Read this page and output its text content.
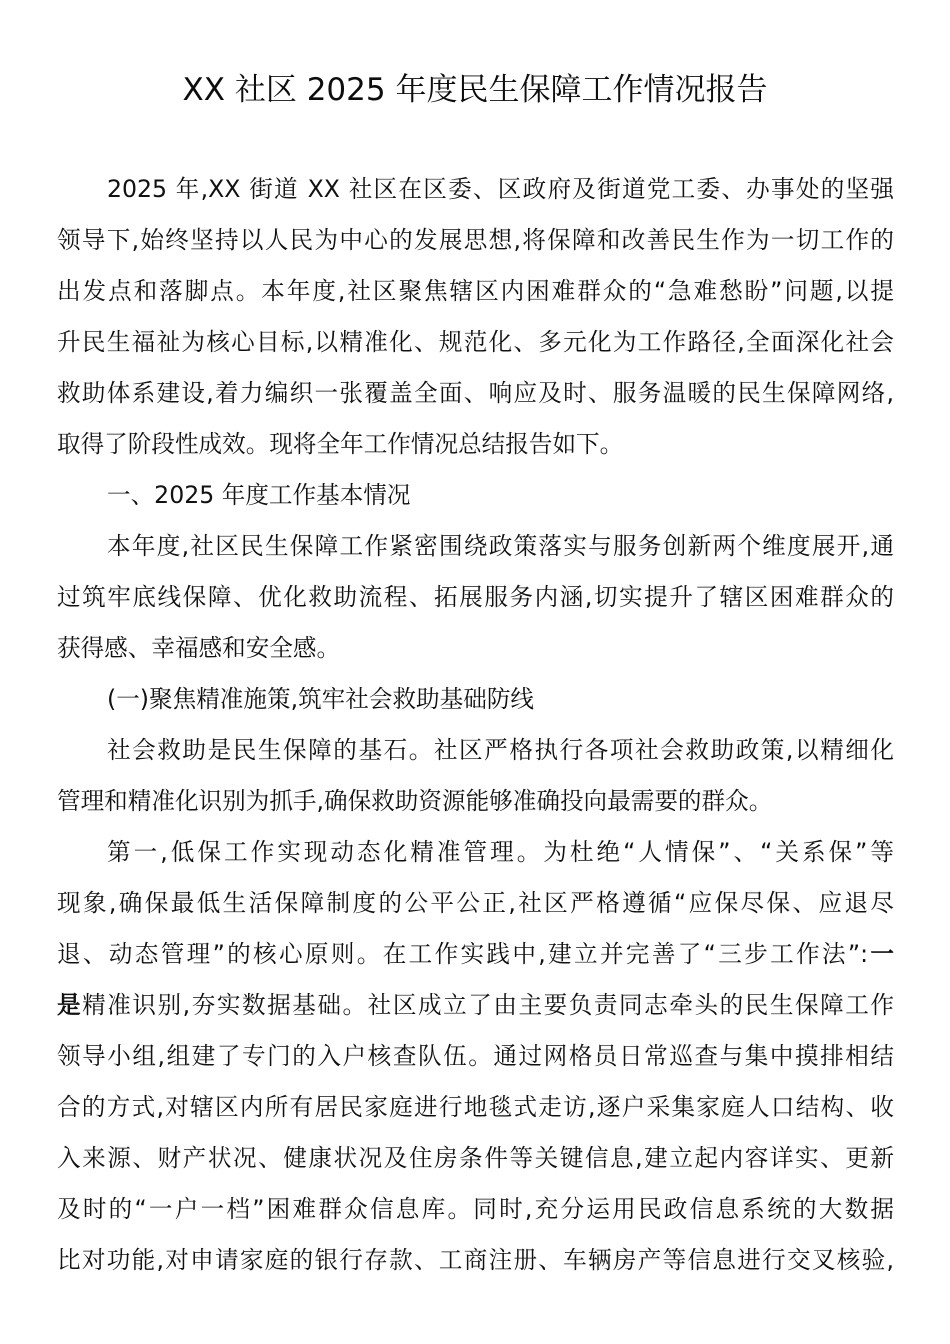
XX 社区 2025 年度民生保障工作情况报告
2025 年,XX 街道 XX 社区在区委、区政府及街道党工委、办事处的坚强
领导下,始终坚持以人民为中心的发展思想,将保障和改善民生作为一切工作的
出发点和落脚点。本年度,社区聚焦辖区内困难群众的“急难愁盼”问题,以提
升民生福祉为核心目标,以精准化、规范化、多元化为工作路径,全面深化社会
救助体系建设,着力编织一张覆盖全面、响应及时、服务温暖的民生保障网络,
取得了阶段性成效。现将全年工作情况总结报告如下。
一、2025 年度工作基本情况
本年度,社区民生保障工作紧密围绕政策落实与服务创新两个维度展开,通
过筑牢底线保障、优化救助流程、拓展服务内涵,切实提升了辖区困难群众的
获得感、幸福感和安全感。
(一)聚焦精准施策,筑牢社会救助基础防线
社会救助是民生保障的基石。社区严格执行各项社会救助政策,以精细化
管理和精准化识别为抓手,确保救助资源能够准确投向最需要的群众。
第一,低保工作实现动态化精准管理。为杜绝“人情保”、“关系保”等
现象,确保最低生活保障制度的公平公正,社区严格遵循“应保尽保、应退尽
退、动态管理”的核心原则。在工作实践中,建立并完善了“三步工作法”:一
是精准识别,夯实数据基础。社区成立了由主要负责同志牵头的民生保障工作
领导小组,组建了专门的入户核查队伍。通过网格员日常巡查与集中摸排相结
合的方式,对辖区内所有居民家庭进行地毯式走访,逐户采集家庭人口结构、收
入来源、财产状况、健康状况及住房条件等关键信息,建立起内容详实、更新
及时的“一户一档”困难群众信息库。同时,充分运用民政信息系统的大数据
比对功能,对申请家庭的银行存款、工商注册、车辆房产等信息进行交叉核验,
